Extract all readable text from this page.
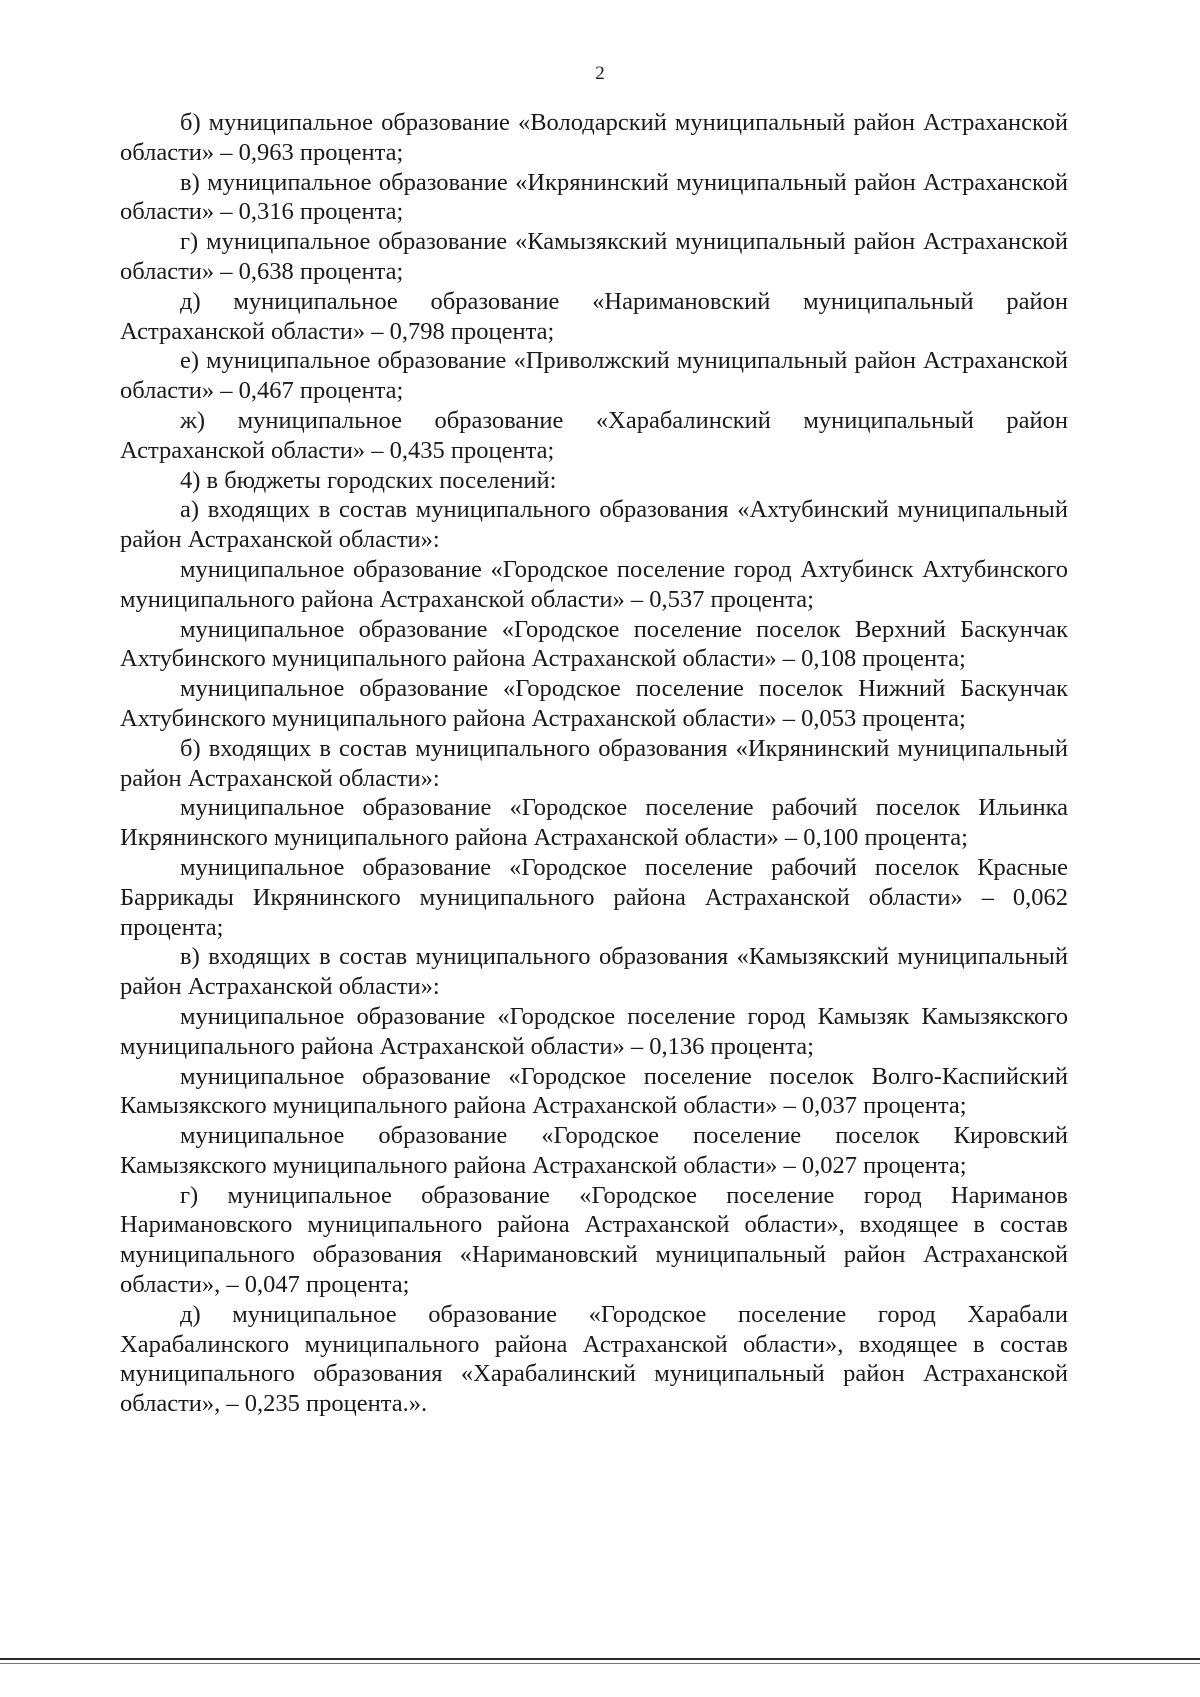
2

б) муниципальное образование «Володарский муниципальный район Астраханской области» – 0,963 процента;

в) муниципальное образование «Икрянинский муниципальный район Астраханской области» – 0,316 процента;

г) муниципальное образование «Камызякский муниципальный район Астраханской области» – 0,638 процента;

д) муниципальное образование «Наримановский муниципальный район Астраханской области» – 0,798 процента;

е) муниципальное образование «Приволжский муниципальный район Астраханской области» – 0,467 процента;

ж) муниципальное образование «Харабалинский муниципальный район Астраханской области» – 0,435 процента;

4) в бюджеты городских поселений:

а) входящих в состав муниципального образования «Ахтубинский муниципальный район Астраханской области»:

муниципальное образование «Городское поселение город Ахтубинск Ахтубинского муниципального района Астраханской области» – 0,537 процента;

муниципальное образование «Городское поселение поселок Верхний Баскунчак Ахтубинского муниципального района Астраханской области» – 0,108 процента;

муниципальное образование «Городское поселение поселок Нижний Баскунчак Ахтубинского муниципального района Астраханской области» – 0,053 процента;

б) входящих в состав муниципального образования «Икрянинский муниципальный район Астраханской области»:

муниципальное образование «Городское поселение рабочий поселок Ильинка Икрянинского муниципального района Астраханской области» – 0,100 процента;

муниципальное образование «Городское поселение рабочий поселок Красные Баррикады Икрянинского муниципального района Астраханской области» – 0,062 процента;

в) входящих в состав муниципального образования «Камызякский муниципальный район Астраханской области»:

муниципальное образование «Городское поселение город Камызяк Камызякского муниципального района Астраханской области» – 0,136 процента;

муниципальное образование «Городское поселение поселок Волго-Каспийский Камызякского муниципального района Астраханской области» – 0,037 процента;

муниципальное образование «Городское поселение поселок Кировский Камызякского муниципального района Астраханской области» – 0,027 процента;

г) муниципальное образование «Городское поселение город Нариманов Наримановского муниципального района Астраханской области», входящее в состав муниципального образования «Наримановский муниципальный район Астраханской области», – 0,047 процента;

д) муниципальное образование «Городское поселение город Харабали Харабалинского муниципального района Астраханской области», входящее в состав муниципального образования «Харабалинский муниципальный район Астраханской области», – 0,235 процента.».
